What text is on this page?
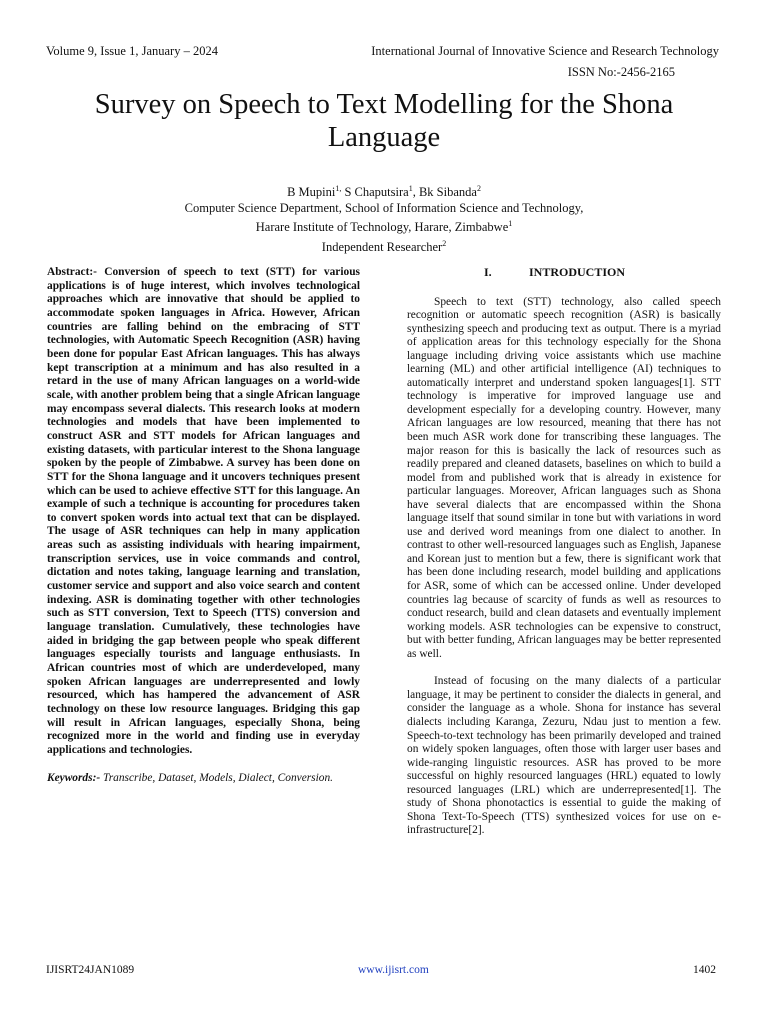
Volume 9, Issue 1, January – 2024	International Journal of Innovative Science and Research Technology
ISSN No:-2456-2165
Survey on Speech to Text Modelling for the Shona Language
B Mupini$^{1,}$ S Chaputsira$^1$, Bk Sibanda$^2$
Computer Science Department, School of Information Science and Technology,
Harare Institute of Technology, Harare, Zimbabwe$^1$
Independent Researcher$^2$

Abstract:- Conversion of speech to text (STT) for various applications is of huge interest, which involves technological approaches which are innovative that should be applied to accommodate spoken languages in Africa. However, African countries are falling behind on the embracing of STT technologies, with Automatic Speech Recognition (ASR) having been done for popular East African languages. This has always kept transcription at a minimum and has also resulted in a retard in the use of many African languages on a world-wide scale, with another problem being that a single African language may encompass several dialects. This research looks at modern technologies and models that have been implemented to construct ASR and STT models for African languages and existing datasets, with particular interest to the Shona language spoken by the people of Zimbabwe. A survey has been done on STT for the Shona language and it uncovers techniques present which can be used to achieve effective STT for this language. An example of such a technique is accounting for procedures taken to convert spoken words into actual text that can be displayed. The usage of ASR techniques can help in many application areas such as assisting individuals with hearing impairment, transcription services, use in voice commands and control, dictation and notes taking, language learning and translation, customer service and support and also voice search and content indexing. ASR is dominating together with other technologies such as STT conversion, Text to Speech (TTS) conversion and language translation. Cumulatively, these technologies have aided in bridging the gap between people who speak different languages especially tourists and language enthusiasts. In African countries most of which are underdeveloped, many spoken African languages are underrepresented and lowly resourced, which has hampered the advancement of ASR technology on these low resource languages. Bridging this gap will result in African languages, especially Shona, being recognized more in the world and finding use in everyday applications and technologies.

Keywords:- Transcribe, Dataset, Models, Dialect, Conversion.

I.	INTRODUCTION

Speech to text (STT) technology, also called speech recognition or automatic speech recognition (ASR) is basically synthesizing speech and producing text as output. There is a myriad of application areas for this technology especially for the Shona language including driving voice assistants which use machine learning (ML) and other artificial intelligence (AI) techniques to automatically interpret and understand spoken languages[1]. STT technology is imperative for improved language use and development especially for a developing country. However, many African languages are low resourced, meaning that there has not been much ASR work done for transcribing these languages. The major reason for this is basically the lack of resources such as readily prepared and cleaned datasets, baselines on which to build a model from and published work that is already in existence for particular languages. Moreover, African languages such as Shona have several dialects that are encompassed within the Shona language itself that sound similar in tone but with variations in word use and derived word meanings from one dialect to another. In contrast to other well-resourced languages such as English, Japanese and Korean just to mention but a few, there is significant work that has been done including research, model building and applications for ASR, some of which can be accessed online. Under developed countries lag because of scarcity of funds as well as resources to conduct research, build and clean datasets and eventually implement working models. ASR technologies can be expensive to construct, but with better funding, African languages may be better represented as well.

Instead of focusing on the many dialects of a particular language, it may be pertinent to consider the dialects in general, and consider the language as a whole. Shona for instance has several dialects including Karanga, Zezuru, Ndau just to mention a few. Speech-to-text technology has been primarily developed and trained on widely spoken languages, often those with larger user bases and wide-ranging linguistic resources. ASR has proved to be more successful on highly resourced languages (HRL) equated to lowly resourced languages (LRL) which are underrepresented[1]. The study of Shona phonotactics is essential to guide the making of Shona Text-To-Speech (TTS) synthesized voices for use on e-infrastructure[2].

IJISRT24JAN1089	www.ijisrt.com	1402
